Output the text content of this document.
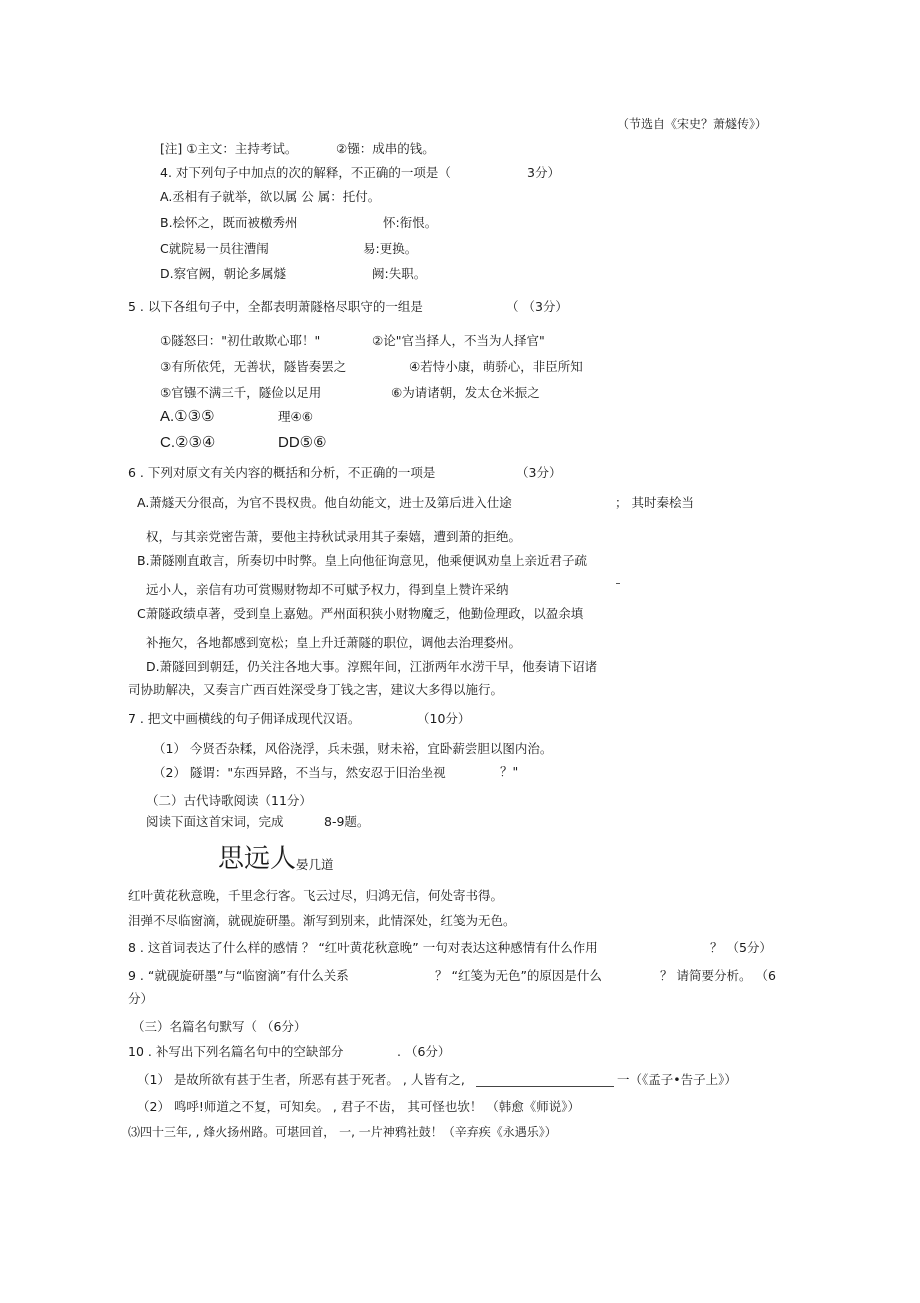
（节选自《宋史？萧燧传》）
[注] ①主文：主持考试。	②镪：成串的钱。
4. 对下列句子中加点的次的解释，不正确的一项是（	3分）
A.丞相有子就举，欲以属 公 属：托付。
B.桧怀之，既而被檄秀州	怀:衔恨。
C就院易一员往漕闱	易:更换。
D.察官阙，朝论多属燧	阙:失职。
5 . 以下各组句子中，全都表明萧隧格尽职守的一组是	（ （3分）
①隧怒曰："初仕敢欺心耶！"	②论"官当择人，不当为人择官"
③有所依凭，无善状，隧皆奏罢之	④若恃小康，萌骄心，非臣所知
⑤官镪不满三千，隧俭以足用	⑥为请诸朝，发太仓米振之
A.①③⑤	理④⑥
C.②③④	DD⑤⑥
6 . 下列对原文有关内容的概括和分析，不正确的一项是	（3分）
A.萧燧天分很高，为官不畏权贵。他自幼能文，进士及第后进入仕途	； 其时秦桧当
权，与其亲党密告萧，要他主持秋试录用其子秦嬉，遭到萧的拒绝。
B.萧隧刚直敢言，所奏切中时弊。皇上向他征询意见，他乘便讽劝皇上亲近君子疏
远小人，亲信有功可赏赐财物却不可赋予权力，得到皇上赞许采纳
C萧隧政绩卓著，受到皇上嘉勉。严州面积狭小财物魔乏，他勤俭理政，以盈余填
补拖欠，各地都感到宽松；皇上升迁萧隧的职位，调他去治理婺州。
D.萧隧回到朝廷，仍关注各地大事。淳熙年间，江浙两年水涝干早，他奏请下诏诸
司协助解决，又奏言广西百姓深受身丁钱之害，建议大多得以施行。
7 . 把文中画横线的句子佣译成现代汉语。	（10分）
（1） 今贤否杂糅，风俗浇浮，兵未强，财未裕，宜卧薪尝胆以图内治。
（2） 隧谓："东西异路，不当与，然安忍于旧治坐视	？"
（二）古代诗歌阅读（11分）
阅读下面这首宋词，完成	8-9题。
思远人 晏几道
红叶黄花秋意晚，千里念行客。飞云过尽，归鸿无信，何处寄书得。
泪弹不尽临窗滴，就砚旋研墨。渐写到别来，此情深处，红笺为无色。
8 . 这首词表达了什么样的感情 ？ “红叶黄花秋意晚” 一句对表达这种感情有什么作用	？ （5分）
9 . “就砚旋研墨”与“临窗滴”有什么关系	？ “红笺为无色”的原因是什么	？ 请简要分析。 （6
分）
（三）名篇名句默写（ （6分）
10 . 补写出下列名篇名句中的空缺部分	. （6分）
（1） 是故所欲有甚于生者，所恶有甚于死者。 , 人皆有之,	一（《孟子•告子上》）
（2） 鸣呼!师道之不复，可知矣。 , 君子不齿， 其可怪也欤！ （韩愈《师说》）
⑶四十三年, , 烽火扬州路。可堪回首， 一, 一片神鸦社鼓！（辛弃疾《永遇乐》）
